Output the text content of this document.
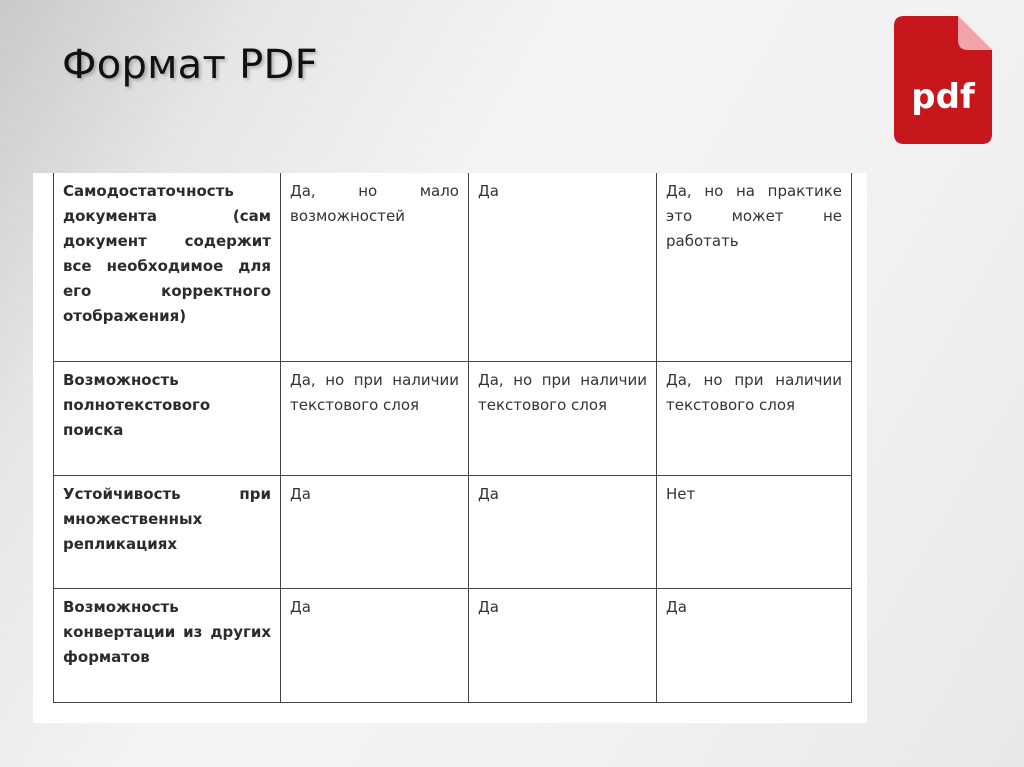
Формат PDF
pdf

Самодостаточность документа (сам документ содержит все необходимое для его корректного отображения)	Да, но мало возможностей	Да	Да, но на практике это может не работать
Возможность полнотекстового поиска	Да, но при наличии текстового слоя	Да, но при наличии текстового слоя	Да, но при наличии текстового слоя
Устойчивость при множественных репликациях	Да	Да	Нет
Возможность конвертации из других форматов	Да	Да	Да
